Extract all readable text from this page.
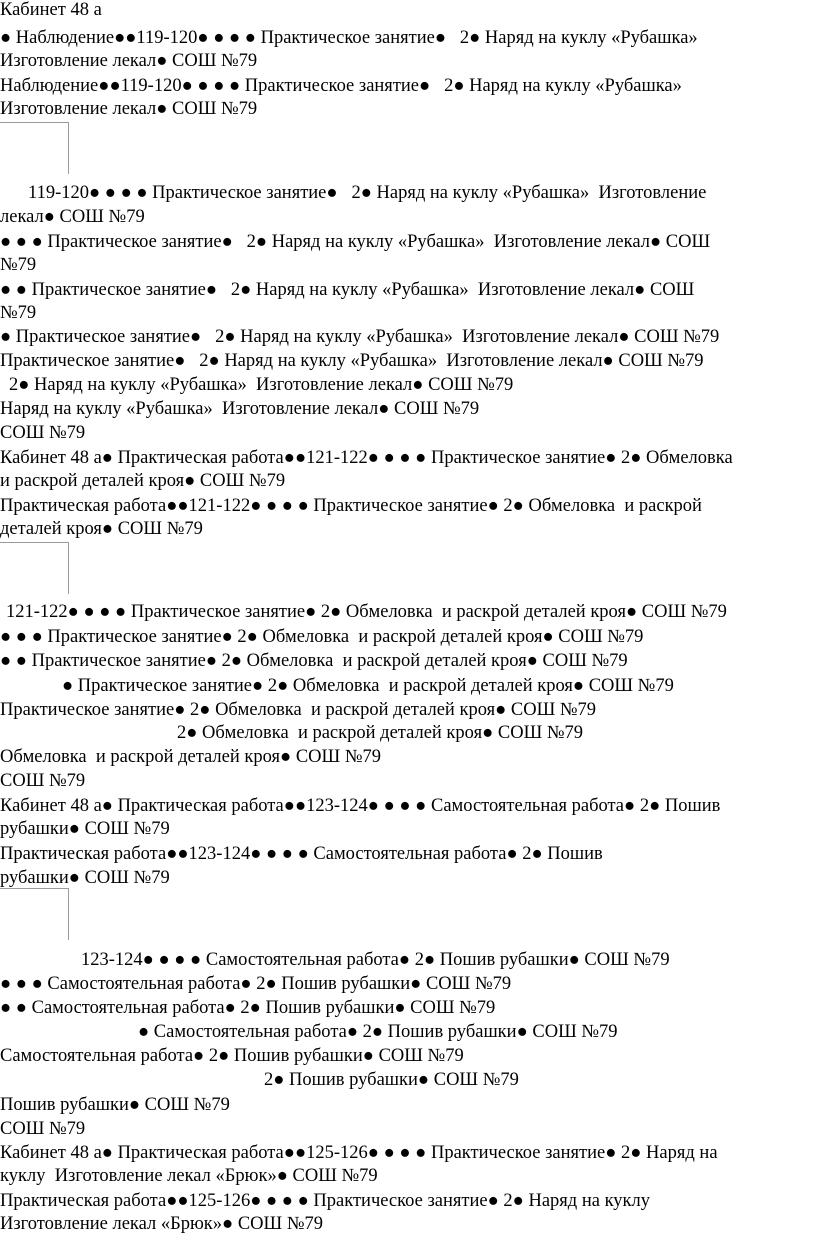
Кабинет 48 а

● Наблюдение●●119-120● ● ● ● Практическое занятие●   2● Наряд на куклу «Рубашка»

Изготовление лекал● СОШ №79

Наблюдение●●119-120● ● ● ● Практическое занятие●   2● Наряд на куклу «Рубашка»

Изготовление лекал● СОШ №79

119-120● ● ● ● Практическое занятие●   2● Наряд на куклу «Рубашка»  Изготовление

лекал● СОШ №79

● ● ● Практическое занятие●   2● Наряд на куклу «Рубашка»  Изготовление лекал● СОШ

№79

● ● Практическое занятие●   2● Наряд на куклу «Рубашка»  Изготовление лекал● СОШ

№79

● Практическое занятие●   2● Наряд на куклу «Рубашка»  Изготовление лекал● СОШ №79

Практическое занятие●   2● Наряд на куклу «Рубашка»  Изготовление лекал● СОШ №79

2● Наряд на куклу «Рубашка»  Изготовление лекал● СОШ №79

Наряд на куклу «Рубашка»  Изготовление лекал● СОШ №79

СОШ №79

Кабинет 48 а● Практическая работа●●121-122● ● ● ● Практическое занятие● 2● Обмеловка

и раскрой деталей кроя● СОШ №79

Практическая работа●●121-122● ● ● ● Практическое занятие● 2● Обмеловка  и раскрой

деталей кроя● СОШ №79

121-122● ● ● ● Практическое занятие● 2● Обмеловка  и раскрой деталей кроя● СОШ №79

● ● ● Практическое занятие● 2● Обмеловка  и раскрой деталей кроя● СОШ №79

● ● Практическое занятие● 2● Обмеловка  и раскрой деталей кроя● СОШ №79

● Практическое занятие● 2● Обмеловка  и раскрой деталей кроя● СОШ №79

Практическое занятие● 2● Обмеловка  и раскрой деталей кроя● СОШ №79

2● Обмеловка  и раскрой деталей кроя● СОШ №79

Обмеловка  и раскрой деталей кроя● СОШ №79

СОШ №79

Кабинет 48 а● Практическая работа●●123-124● ● ● ● Самостоятельная работа● 2● Пошив

рубашки● СОШ №79

Практическая работа●●123-124● ● ● ● Самостоятельная работа● 2● Пошив

рубашки● СОШ №79

123-124● ● ● ● Самостоятельная работа● 2● Пошив рубашки● СОШ №79

● ● ● Самостоятельная работа● 2● Пошив рубашки● СОШ №79

● ● Самостоятельная работа● 2● Пошив рубашки● СОШ №79

● Самостоятельная работа● 2● Пошив рубашки● СОШ №79

Самостоятельная работа● 2● Пошив рубашки● СОШ №79

2● Пошив рубашки● СОШ №79

Пошив рубашки● СОШ №79

СОШ №79

Кабинет 48 а● Практическая работа●●125-126● ● ● ● Практическое занятие● 2● Наряд на

куклу  Изготовление лекал «Брюк»● СОШ №79

Практическая работа●●125-126● ● ● ● Практическое занятие● 2● Наряд на куклу

Изготовление лекал «Брюк»● СОШ №79
